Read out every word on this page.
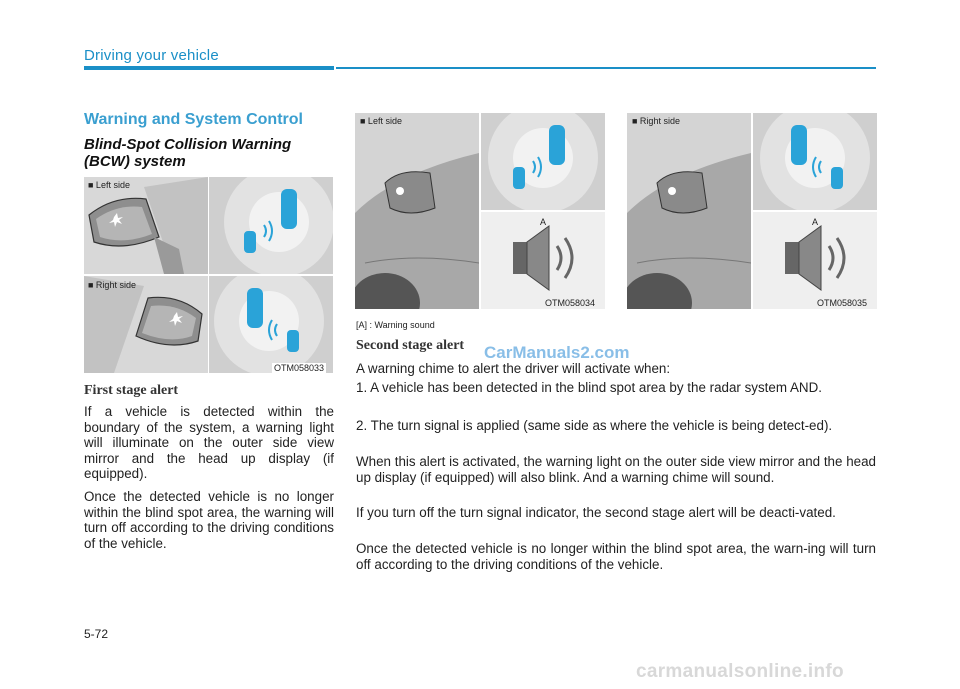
Driving your vehicle
Warning and System Control
Blind-Spot Collision Warning (BCW) system
■ Left side
■ Right side
OTM058033
First stage alert
If a vehicle is detected within the boundary of the system, a warning light will illuminate on the outer side view mirror and the head up display (if equipped).
Once the detected vehicle is no longer within the blind spot area, the warning will turn off according to the driving conditions of the vehicle.
■ Left side
A
OTM058034
■ Right side
A
OTM058035
[A] : Warning sound
Second stage alert
A warning chime to alert the driver will activate when:
1. A vehicle has been detected in the blind spot area by the radar system AND.
2. The turn signal is applied (same side as where the vehicle is being detect-ed).
When this alert is activated, the warning light on the outer side view mirror and the head up display (if equipped) will also blink. And a warning chime will sound.
If you turn off the turn signal indicator, the second stage alert will be deacti-vated.
Once the detected vehicle is no longer within the blind spot area, the warn-ing will turn off according to the driving conditions of the vehicle.
CarManuals2.com
5-72
carmanualsonline.info
